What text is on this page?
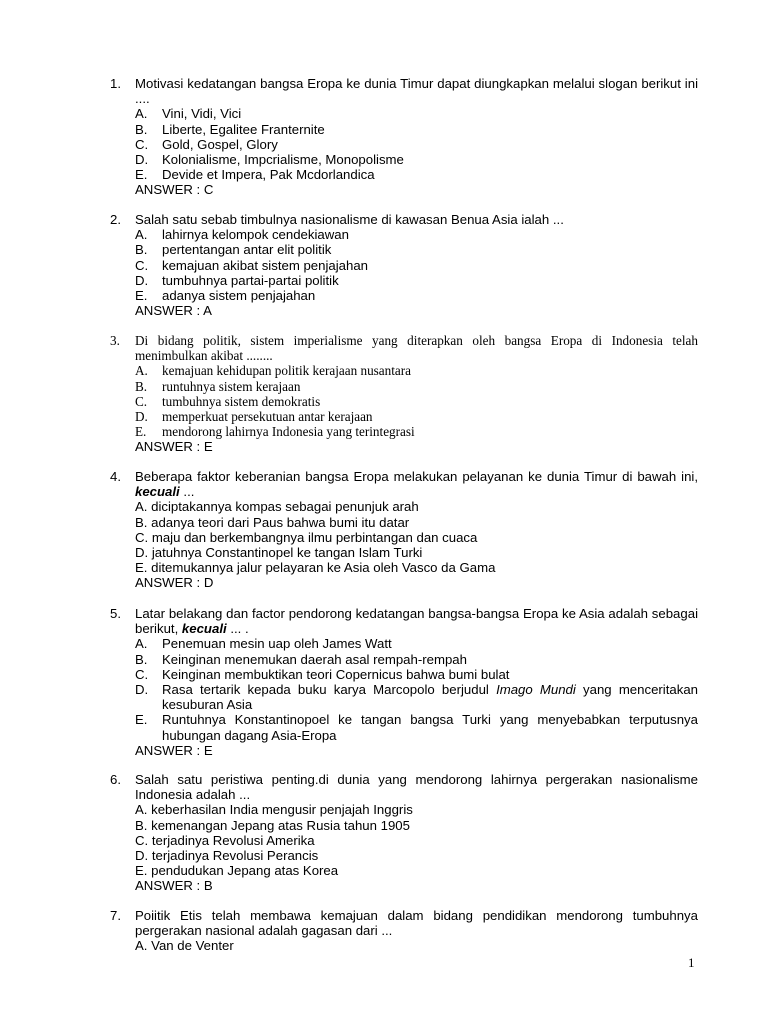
1.	Motivasi kedatangan bangsa Eropa ke dunia Timur dapat diungkapkan melalui slogan berikut ini ....
A.	Vini, Vidi, Vici
B.	Liberte, Egalitee Franternite
C.	Gold, Gospel, Glory
D.	Kolonialisme, Impcrialisme, Monopolisme
E.	Devide et Impera, Pak Mcdorlandica
ANSWER : C
2.	Salah satu sebab timbulnya nasionalisme di kawasan Benua Asia ialah ...
A.	lahirnya kelompok cendekiawan
B.	pertentangan antar elit politik
C.	kemajuan akibat sistem penjajahan
D.	tumbuhnya partai-partai politik
E.	adanya sistem penjajahan
ANSWER : A
3.	Di bidang politik, sistem imperialisme yang diterapkan oleh bangsa Eropa di Indonesia telah menimbulkan akibat ........
A.	kemajuan kehidupan politik kerajaan nusantara
B.	runtuhnya sistem kerajaan
C.	tumbuhnya sistem demokratis
D.	memperkuat persekutuan antar kerajaan
E.	mendorong lahirnya Indonesia yang terintegrasi
ANSWER : E
4.	Beberapa faktor keberanian bangsa Eropa melakukan pelayanan ke dunia Timur di bawah ini, kecuali ...
A. diciptakannya kompas sebagai penunjuk arah
B. adanya teori dari Paus bahwa bumi itu datar
C. maju dan berkembangnya ilmu perbintangan dan cuaca
D. jatuhnya Constantinopel ke tangan Islam Turki
E. ditemukannya jalur pelayaran ke Asia oleh Vasco da Gama
ANSWER : D
5.	Latar belakang dan factor pendorong kedatangan bangsa-bangsa Eropa ke Asia adalah sebagai berikut, kecuali ... .
A.	Penemuan mesin uap oleh James Watt
B.	Keinginan menemukan daerah asal rempah-rempah
C.	Keinginan membuktikan teori Copernicus bahwa bumi bulat
D.	Rasa tertarik kepada buku karya Marcopolo berjudul Imago Mundi yang menceritakan kesuburan Asia
E.	Runtuhnya Konstantinopoel ke tangan bangsa Turki yang menyebabkan terputusnya hubungan dagang Asia-Eropa
ANSWER : E
6.	Salah satu peristiwa penting.di dunia yang mendorong lahirnya pergerakan nasionalisme Indonesia adalah ...
A. keberhasilan India mengusir penjajah Inggris
B. kemenangan Jepang atas Rusia tahun 1905
C. terjadinya Revolusi Amerika
D. terjadinya Revolusi Perancis
E. pendudukan Jepang atas Korea
ANSWER : B
7.	Poiitik Etis telah membawa kemajuan dalam bidang pendidikan mendorong tumbuhnya pergerakan nasional adalah gagasan dari ...
A. Van de Venter
1
